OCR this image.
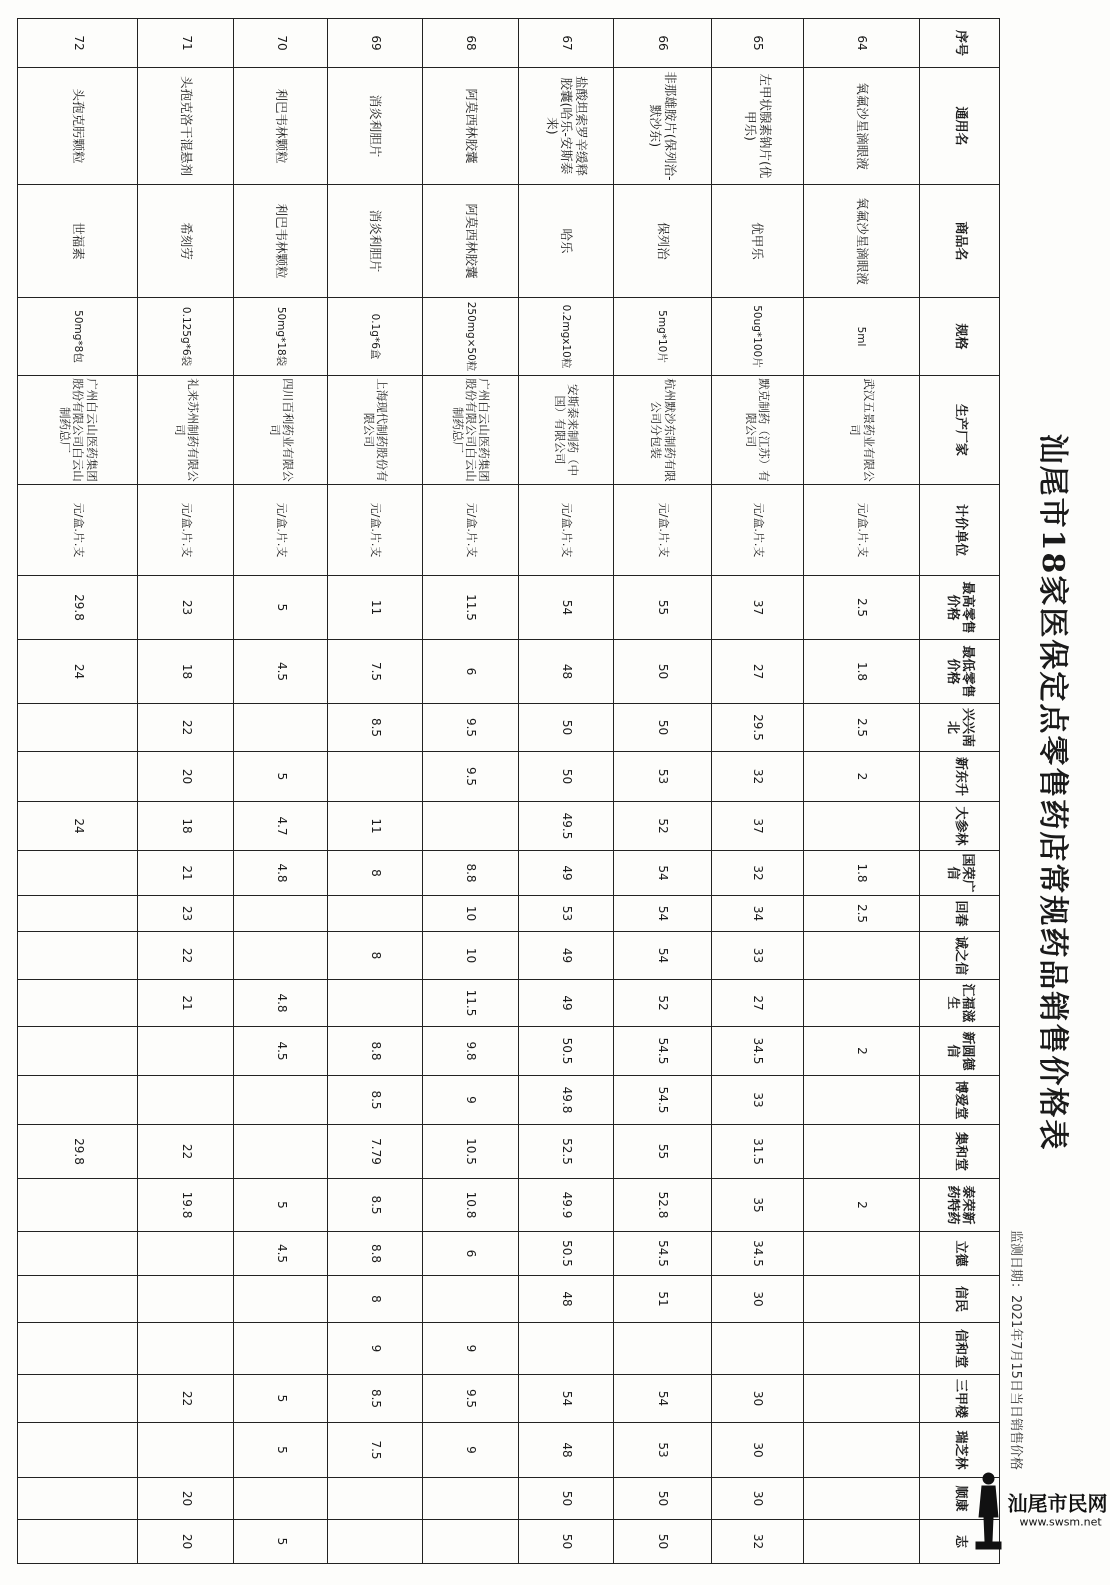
汕尾市18家医保定点零售药店常规药品销售价格表
监测日期：2021年7月15日当日销售价格
序号	通用名	商品名	规格	生产厂家	计价单位	最高零售价格	最低零售价格	兴兴南北	新东升	大参林	国荣广信	回春	诚之信	汇福滋生	新圆德信	博爱堂	集和堂	泰荣新药特药	立德	信民	信和堂	三甲楼	瑞芝林	顺康	志
64	氧氟沙星滴眼液	氧氟沙星滴眼液	5ml	武汉五景药业有限公司	元/盒.片.支	2.5	1.8	2.5	2		1.8	2.5			2			2							
65	左甲状腺素钠片(优甲乐)	优甲乐	50ug*100片	默克制药（江苏）有限公司	元/盒.片.支	37	27	29.5	32	37	32	34	33	27	34.5	33	31.5	35	34.5	30		30	30	30	32
66	非那雄胺片(保列治-默沙东)	保列治	5mg*10片	杭州默沙东制药有限公司分包装	元/盒.片.支	55	50	50	53	52	54	54	54	52	54.5	54.5	55	52.8	54.5	51		54	53	50	50
67	盐酸坦索罗辛缓释胶囊(哈乐-安斯泰来)	哈乐	0.2mgx10粒	安斯泰来制药（中国）有限公司	元/盒.片.支	54	48	50	50	49.5	49	53	49	49	50.5	49.8	52.5	49.9	50.5	48		54	48	50	50
68	阿莫西林胶囊	阿莫西林胶囊	250mg×50粒	广州白云山医药集团股份有限公司白云山制药总厂	元/盒.片.支	11.5	6	9.5	9.5		8.8	10	10	11.5	9.8	9	10.5	10.8	6		9	9.5	9		
69	消炎利胆片	消炎利胆片	0.1g*6盒	上海现代制药股份有限公司	元/盒.片.支	11	7.5	8.5		11	8		8		8.8	8.5	7.79	8.5	8.8	8	9	8.5	7.5		
70	利巴韦林颗粒	利巴韦林颗粒	50mg*18袋	四川百利药业有限公司	元/盒.片.支	5	4.5		5	4.7	4.8			4.8	4.5			5	4.5			5	5		5
71	头孢克洛干混悬剂	希刻劳	0.125g*6袋	礼来苏州制药有限公司	元/盒.片.支	23	18	22	20	18	21	23	22	21			22	19.8				22		20	20
72	头孢克肟颗粒	世福素	50mg*8包	广州白云山医药集团股份有限公司白云山制药总厂	元/盒.片.支	29.8	24			24							29.8								
汕尾市民网
www.swsm.net
